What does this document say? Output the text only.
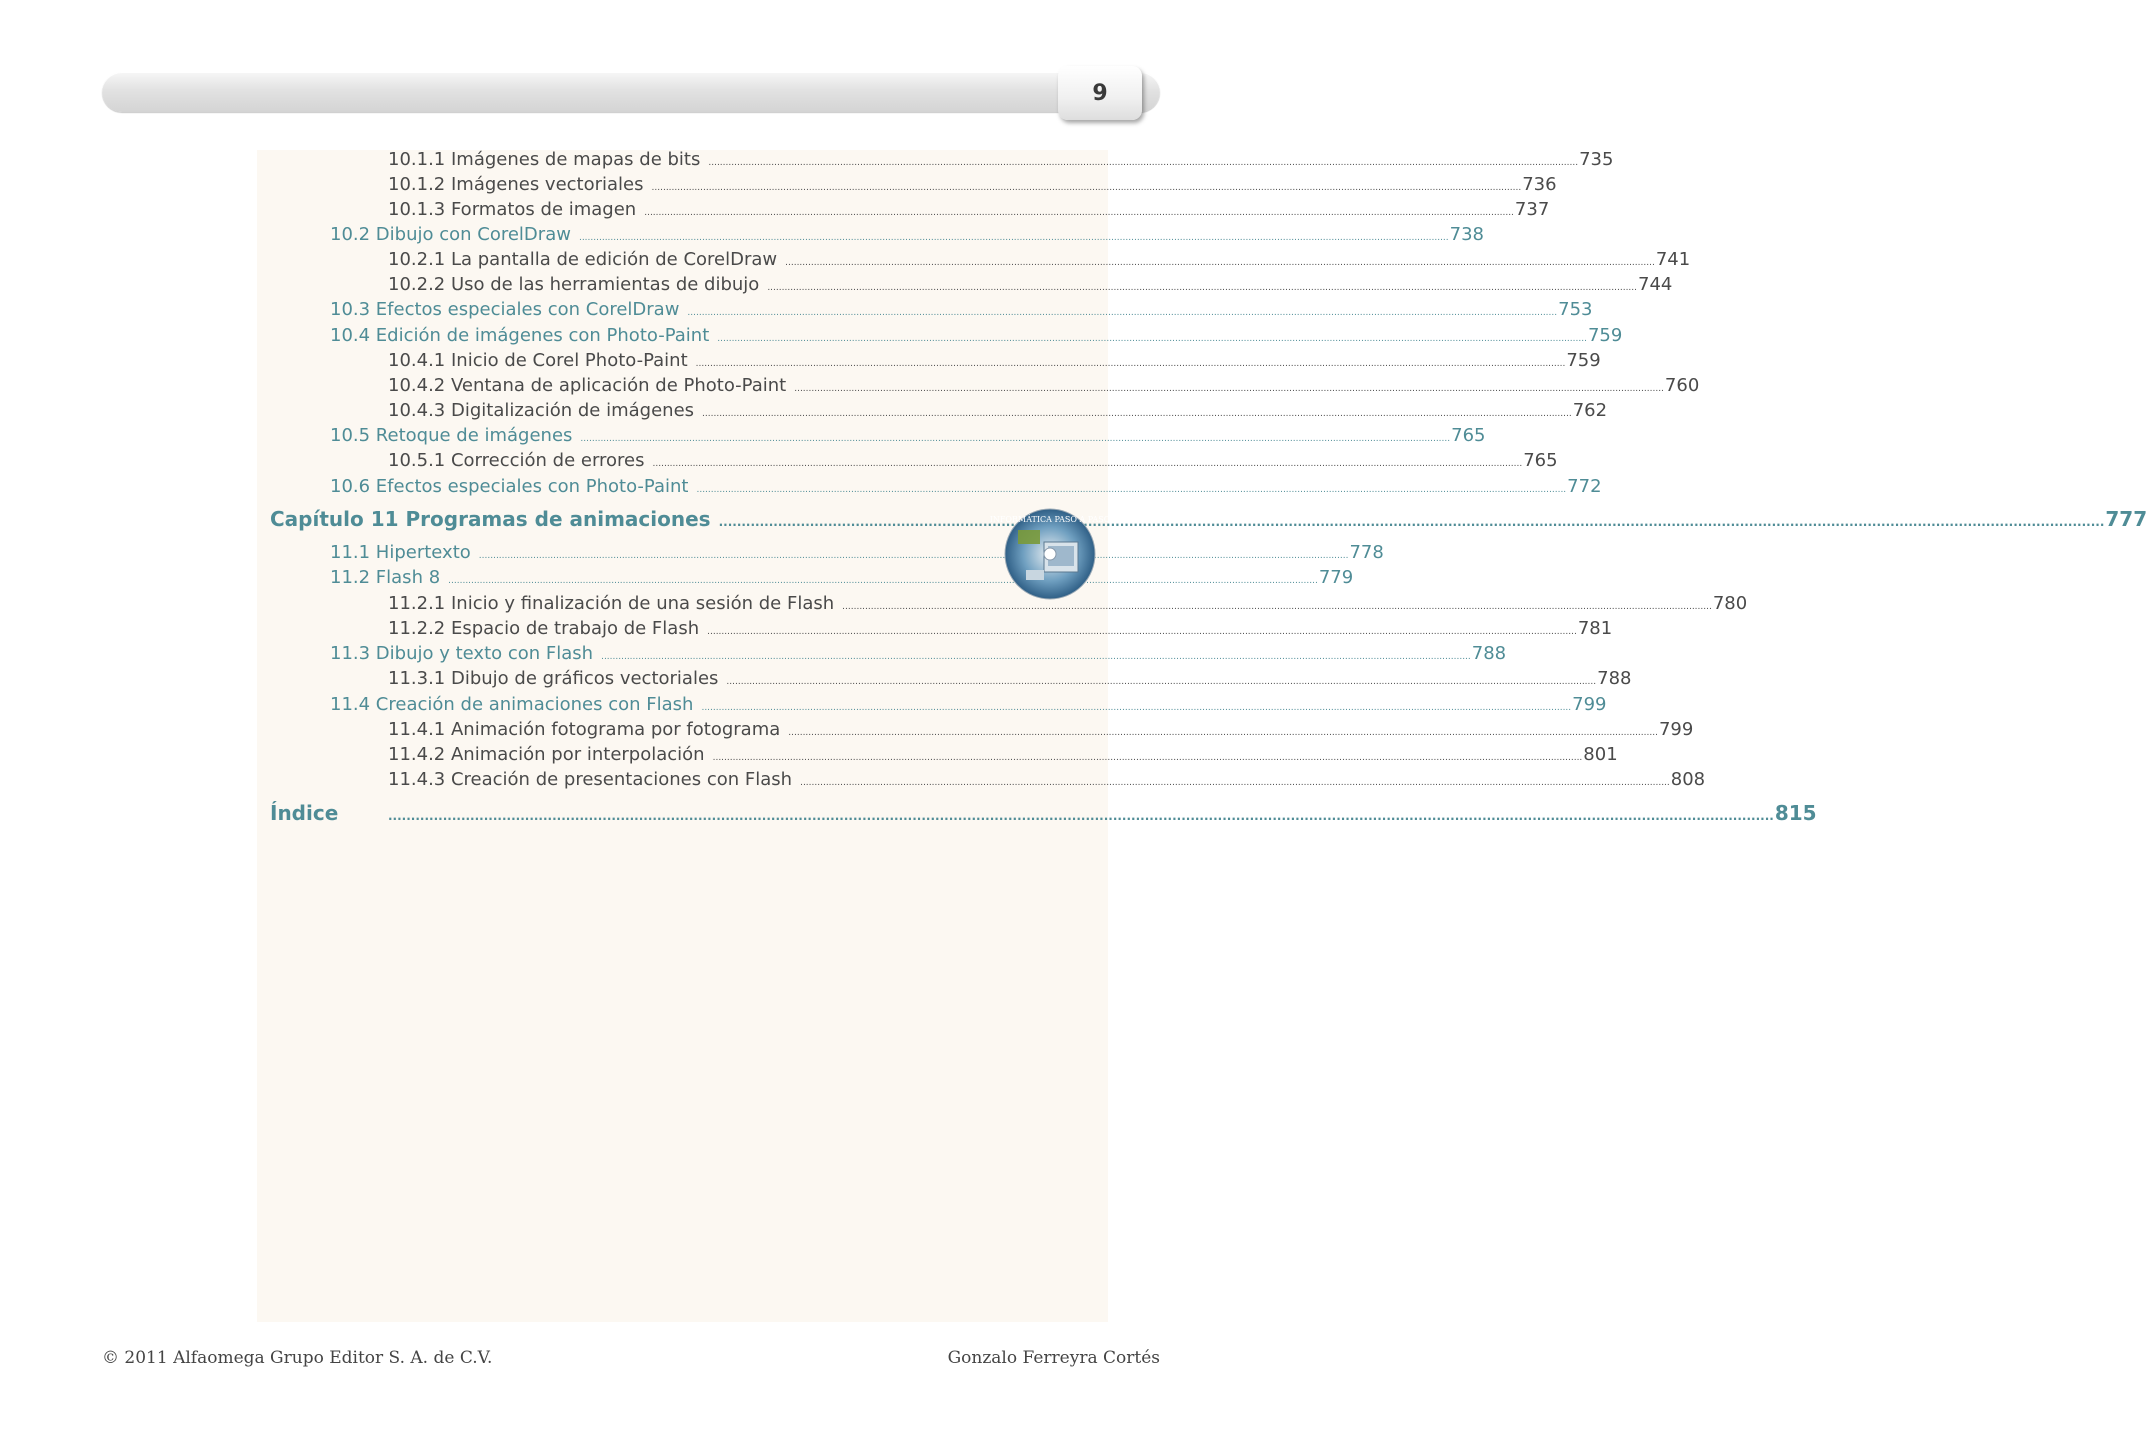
9
10.1.1 Imágenes de mapas de bits .....	735
10.1.2 Imágenes vectoriales .....	736
10.1.3 Formatos de imagen .....	737
10.2 Dibujo con CorelDraw .....	738
10.2.1 La pantalla de edición de CorelDraw .....	741
10.2.2 Uso de las herramientas de dibujo .....	744
10.3 Efectos especiales con CorelDraw .....	753
10.4 Edición de imágenes con Photo-Paint .....	759
10.4.1 Inicio de Corel Photo-Paint .....	759
10.4.2 Ventana de aplicación de Photo-Paint .....	760
10.4.3 Digitalización de imágenes .....	762
10.5 Retoque de imágenes .....	765
10.5.1 Corrección de errores .....	765
10.6 Efectos especiales con Photo-Paint .....	772
Capítulo 11 Programas de animaciones .....	777
11.1 Hipertexto .....	778
11.2 Flash 8 .....	779
11.2.1 Inicio y finalización de una sesión de Flash .....	780
11.2.2 Espacio de trabajo de Flash .....	781
11.3 Dibujo y texto con Flash .....	788
11.3.1 Dibujo de gráficos vectoriales .....	788
11.4 Creación de animaciones con Flash .....	799
11.4.1 Animación fotograma por fotograma .....	799
11.4.2 Animación por interpolación .....	801
11.4.3 Creación de presentaciones con Flash .....	808
Índice .....	815
INFORMÁTICA PASO A PASO
© 2011 Alfaomega Grupo Editor S. A. de C.V.	Gonzalo Ferreyra Cortés
